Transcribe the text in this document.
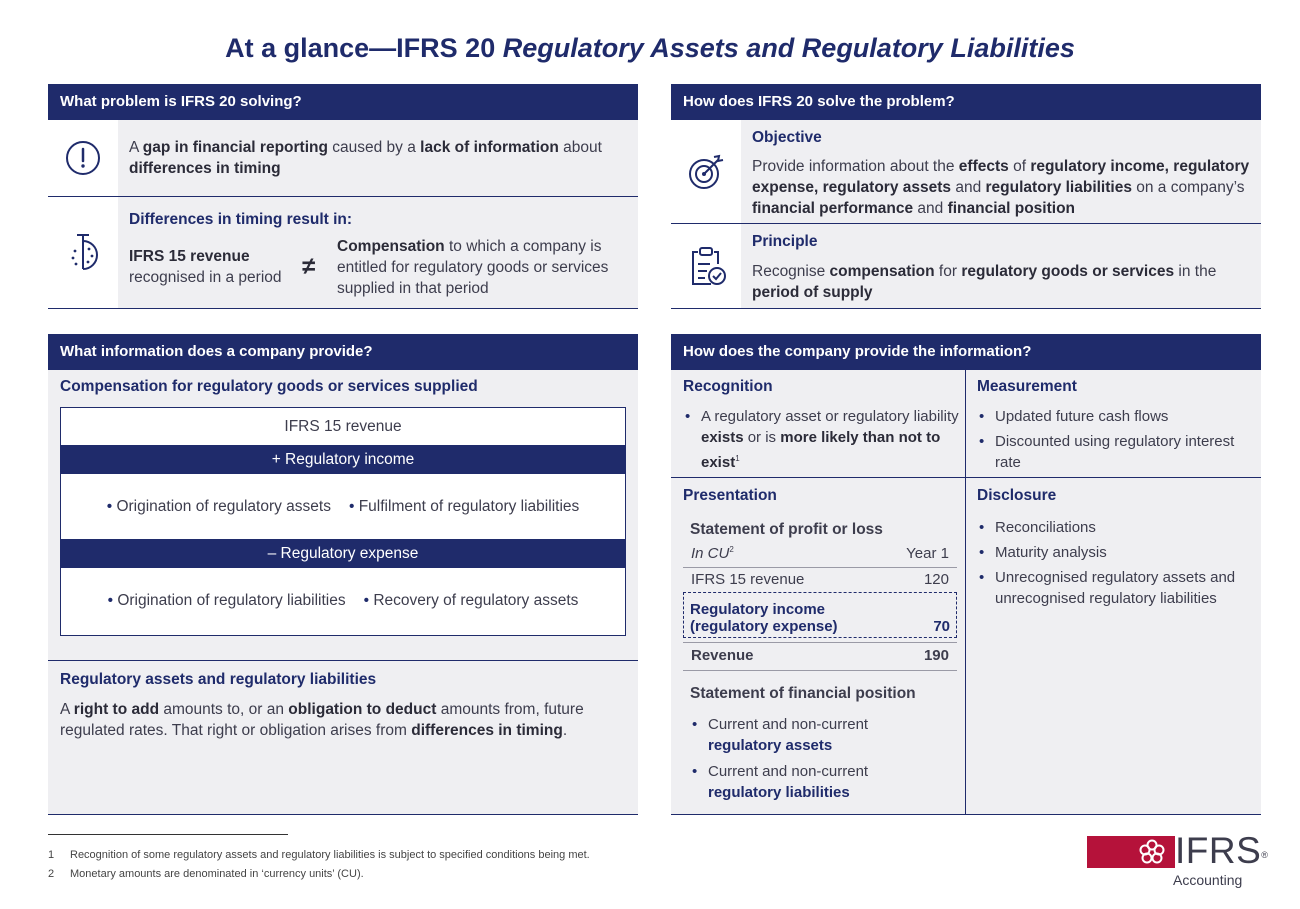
At a glance—IFRS 20 Regulatory Assets and Regulatory Liabilities
What problem is IFRS 20 solving?
A gap in financial reporting caused by a lack of information about differences in timing
Differences in timing result in:
IFRS 15 revenue
recognised in a period ≠
Compensation to which a company is entitled for regulatory goods or services supplied in that period
How does IFRS 20 solve the problem?
Objective
Provide information about the effects of regulatory income, regulatory expense, regulatory assets and regulatory liabilities on a company’s financial performance and financial position
Principle
Recognise compensation for regulatory goods or services in the period of supply
What information does a company provide?
Compensation for regulatory goods or services supplied
IFRS 15 revenue
+ Regulatory income
• Origination of regulatory assets	• Fulfilment of regulatory liabilities
– Regulatory expense
• Origination of regulatory liabilities	• Recovery of regulatory assets
Regulatory assets and regulatory liabilities
A right to add amounts to, or an obligation to deduct amounts from, future regulated rates. That right or obligation arises from differences in timing.
How does the company provide the information?
Recognition
• A regulatory asset or regulatory liability exists or is more likely than not to exist$^1$
Measurement
• Updated future cash flows
• Discounted using regulatory interest rate
Presentation
Statement of profit or loss
In $CU^2$	Year 1
IFRS 15 revenue	120
Regulatory income
(regulatory expense)	70
Revenue	190
Statement of financial position
• Current and non-current
regulatory assets
• Current and non-current
regulatory liabilities
Disclosure
• Reconciliations
• Maturity analysis
• Unrecognised regulatory assets and unrecognised regulatory liabilities
1 Recognition of some regulatory assets and regulatory liabilities is subject to specified conditions being met.
2 Monetary amounts are denominated in ‘currency units’ (CU).
IFRS®
Accounting
